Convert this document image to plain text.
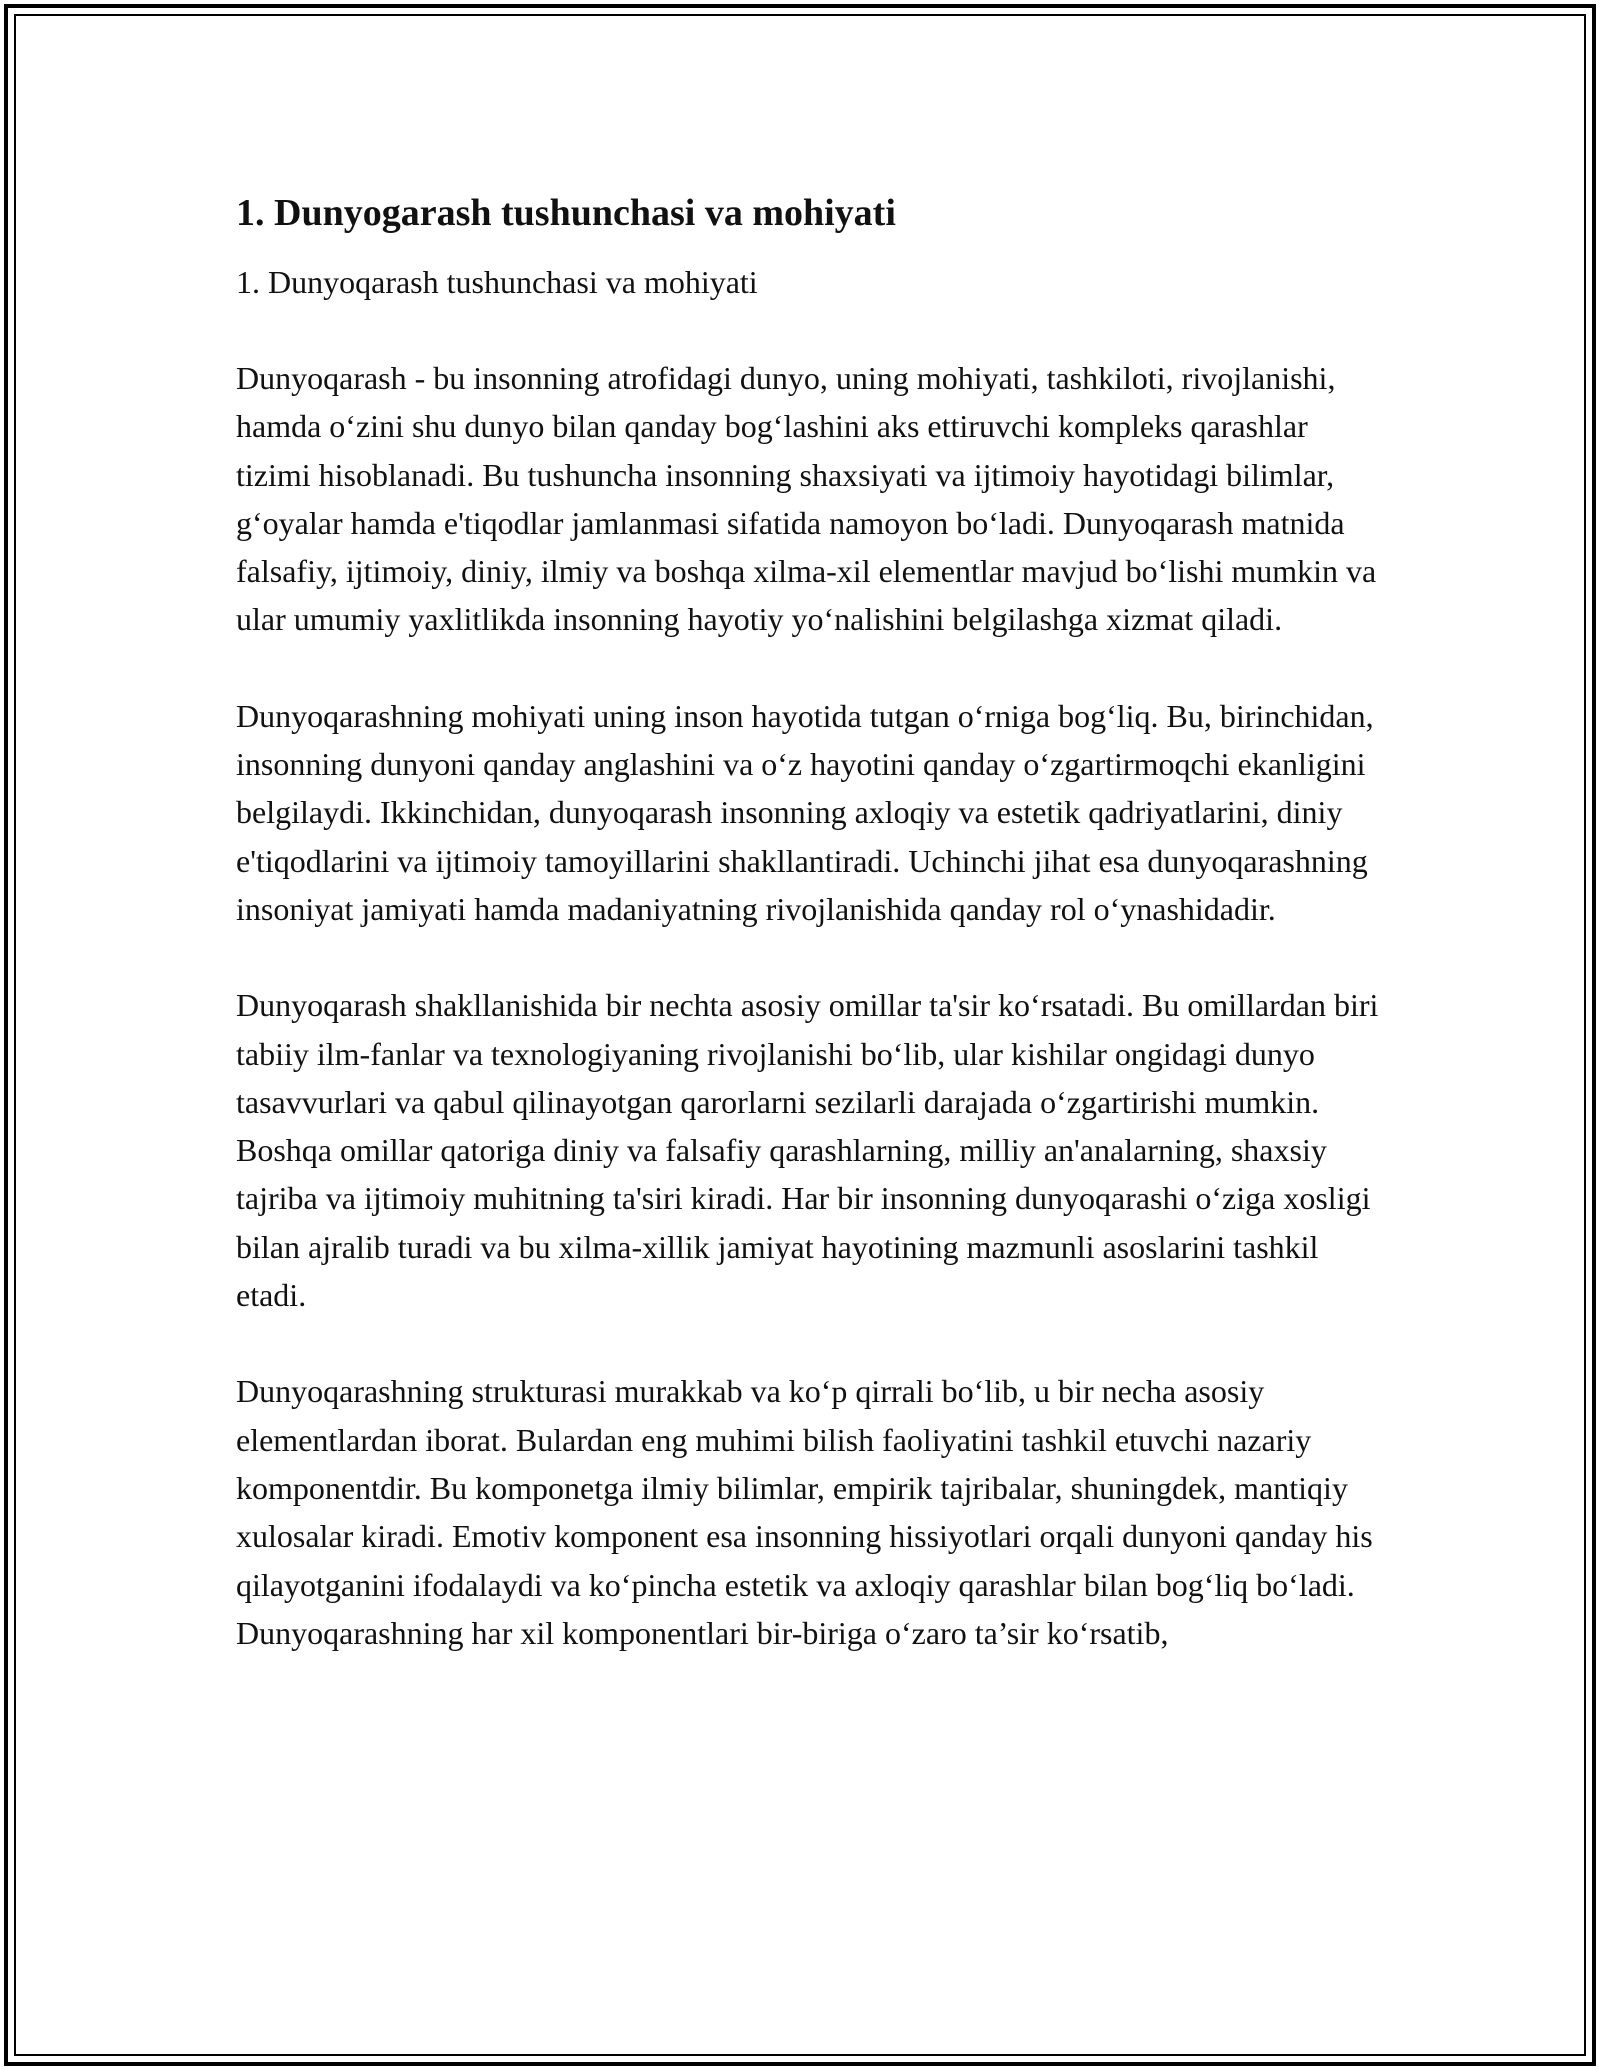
1. Dunyogarash tushunchasi va mohiyati

1. Dunyoqarash tushunchasi va mohiyati

Dunyoqarash - bu insonning atrofidagi dunyo, uning mohiyati, tashkiloti, rivojlanishi, hamda o‘zini shu dunyo bilan qanday bog‘lashini aks ettiruvchi kompleks qarashlar tizimi hisoblanadi. Bu tushuncha insonning shaxsiyati va ijtimoiy hayotidagi bilimlar, g‘oyalar hamda e'tiqodlar jamlanmasi sifatida namoyon bo‘ladi. Dunyoqarash matnida falsafiy, ijtimoiy, diniy, ilmiy va boshqa xilma-xil elementlar mavjud bo‘lishi mumkin va ular umumiy yaxlitlikda insonning hayotiy yo‘nalishini belgilashga xizmat qiladi.

Dunyoqarashning mohiyati uning inson hayotida tutgan o‘rniga bog‘liq. Bu, birinchidan, insonning dunyoni qanday anglashini va o‘z hayotini qanday o‘zgartirmoqchi ekanligini belgilaydi. Ikkinchidan, dunyoqarash insonning axloqiy va estetik qadriyatlarini, diniy e'tiqodlarini va ijtimoiy tamoyillarini shakllantiradi. Uchinchi jihat esa dunyoqarashning insoniyat jamiyati hamda madaniyatning rivojlanishida qanday rol o‘ynashidadir.

Dunyoqarash shakllanishida bir nechta asosiy omillar ta'sir ko‘rsatadi. Bu omillardan biri tabiiy ilm-fanlar va texnologiyaning rivojlanishi bo‘lib, ular kishilar ongidagi dunyo tasavvurlari va qabul qilinayotgan qarorlarni sezilarli darajada o‘zgartirishi mumkin. Boshqa omillar qatoriga diniy va falsafiy qarashlarning, milliy an'analarning, shaxsiy tajriba va ijtimoiy muhitning ta'siri kiradi. Har bir insonning dunyoqarashi o‘ziga xosligi bilan ajralib turadi va bu xilma-xillik jamiyat hayotining mazmunli asoslarini tashkil etadi.

Dunyoqarashning strukturasi murakkab va ko‘p qirrali bo‘lib, u bir necha asosiy elementlardan iborat. Bulardan eng muhimi bilish faoliyatini tashkil etuvchi nazariy komponentdir. Bu komponetga ilmiy bilimlar, empirik tajribalar, shuningdek, mantiqiy xulosalar kiradi. Emotiv komponent esa insonning hissiyotlari orqali dunyoni qanday his qilayotganini ifodalaydi va ko‘pincha estetik va axloqiy qarashlar bilan bog‘liq bo‘ladi. Dunyoqarashning har xil komponentlari bir-biriga o‘zaro ta’sir ko‘rsatib,
